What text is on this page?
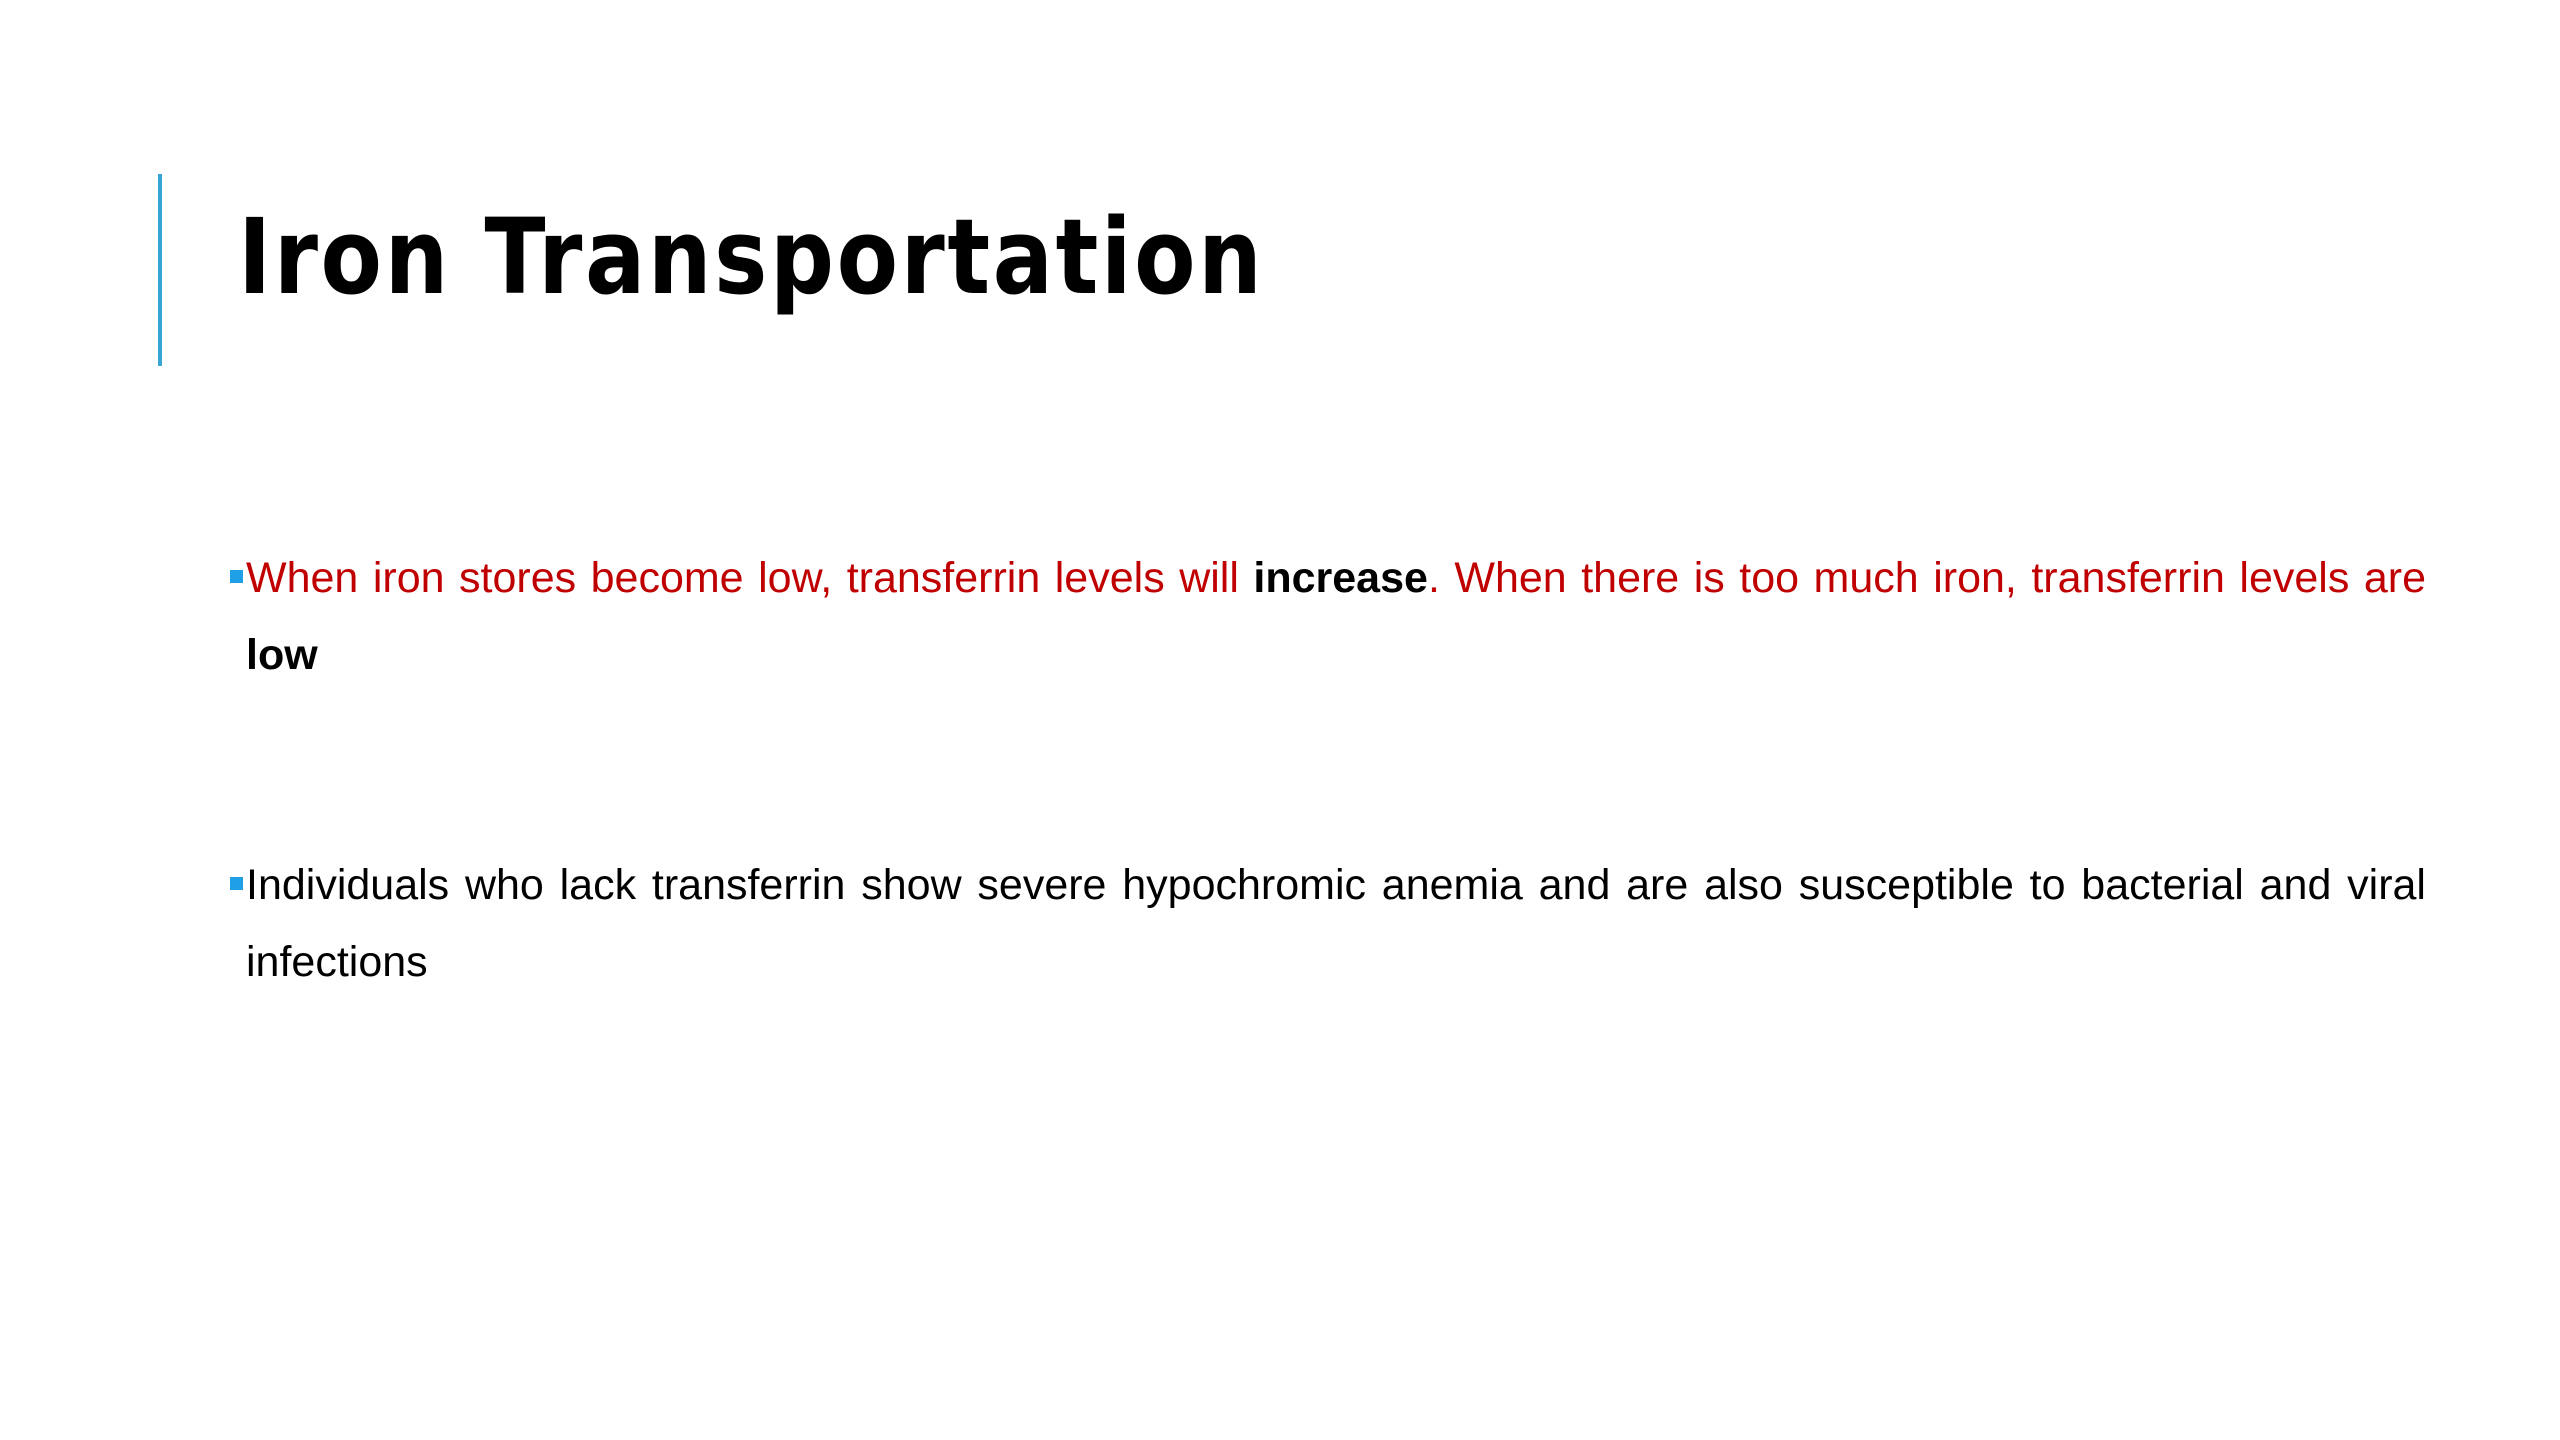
Iron Transportation
When iron stores become low, transferrin levels will increase. When there is too much iron, transferrin levels are low
Individuals who lack transferrin show severe hypochromic anemia and are also susceptible to bacterial and viral infections
